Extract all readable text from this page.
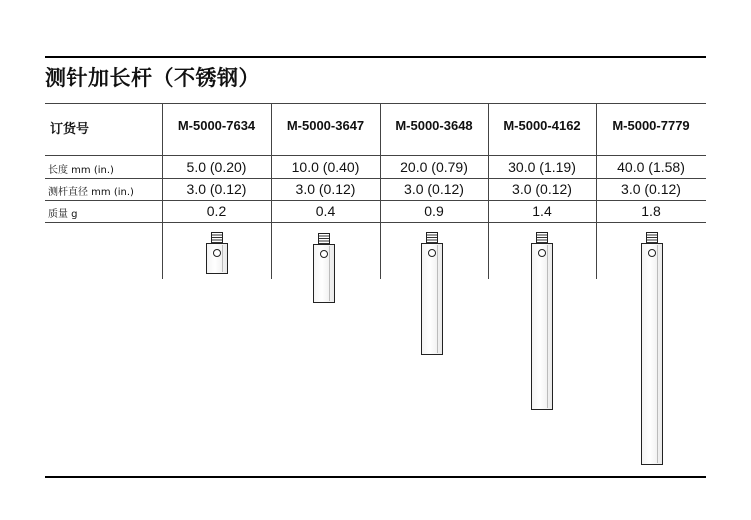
测针加长杆（不锈钢）
订货号	M-5000-7634	M-5000-3647	M-5000-3648	M-5000-4162	M-5000-7779
长度 mm (in.)	5.0 (0.20)	10.0 (0.40)	20.0 (0.79)	30.0 (1.19)	40.0 (1.58)
测杆直径 mm (in.)	3.0 (0.12)	3.0 (0.12)	3.0 (0.12)	3.0 (0.12)	3.0 (0.12)
质量 g	0.2	0.4	0.9	1.4	1.8
